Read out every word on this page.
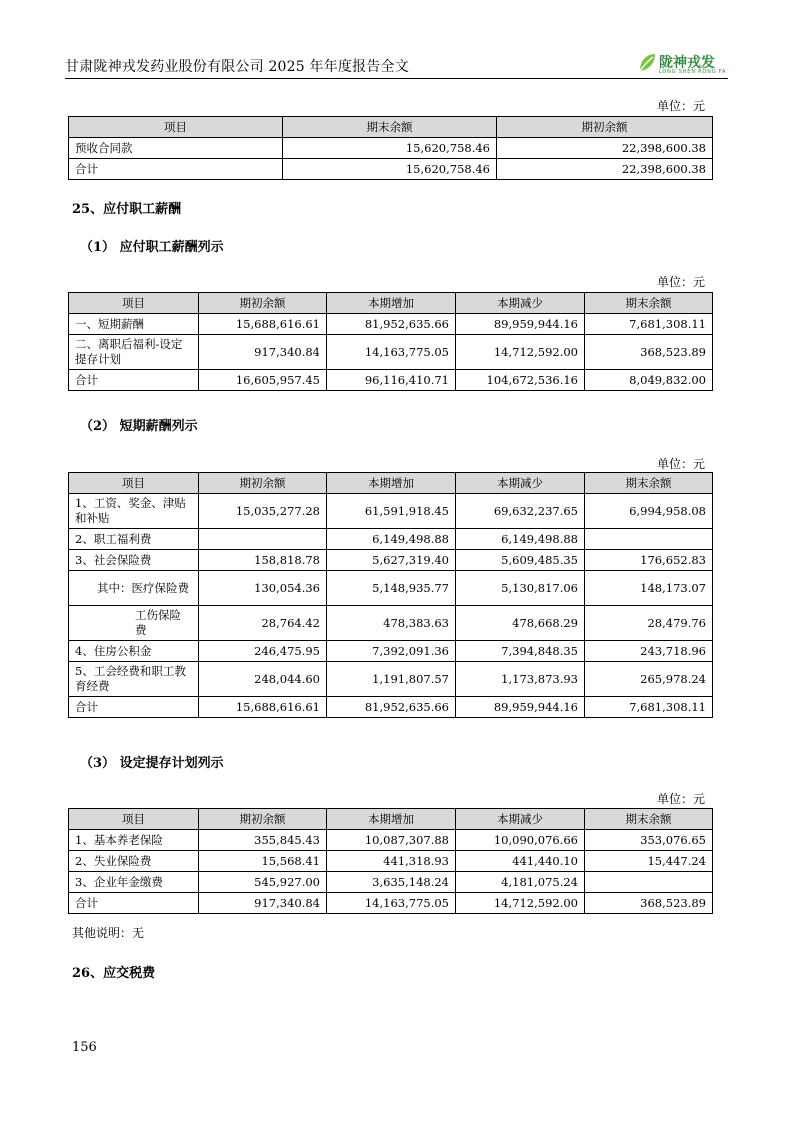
甘肃陇神戎发药业股份有限公司 2025 年年度报告全文	陇神戎发
LONG SHEN RONG FA
单位：元
项目	期末余额	期初余额
预收合同款	15,620,758.46	22,398,600.38
合计	15,620,758.46	22,398,600.38
25、应付职工薪酬
（1） 应付职工薪酬列示
单位：元
项目	期初余额	本期增加	本期减少	期末余额
一、短期薪酬	15,688,616.61	81,952,635.66	89,959,944.16	7,681,308.11
二、离职后福利-设定提存计划	917,340.84	14,163,775.05	14,712,592.00	368,523.89
合计	16,605,957.45	96,116,410.71	104,672,536.16	8,049,832.00
（2） 短期薪酬列示
单位：元
项目	期初余额	本期增加	本期减少	期末余额
1、工资、奖金、津贴和补贴	15,035,277.28	61,591,918.45	69,632,237.65	6,994,958.08
2、职工福利费		6,149,498.88	6,149,498.88	
3、社会保险费	158,818.78	5,627,319.40	5,609,485.35	176,652.83
其中：医疗保险费	130,054.36	5,148,935.77	5,130,817.06	148,173.07
工伤保险费	28,764.42	478,383.63	478,668.29	28,479.76
4、住房公积金	246,475.95	7,392,091.36	7,394,848.35	243,718.96
5、工会经费和职工教育经费	248,044.60	1,191,807.57	1,173,873.93	265,978.24
合计	15,688,616.61	81,952,635.66	89,959,944.16	7,681,308.11
（3） 设定提存计划列示
单位：元
项目	期初余额	本期增加	本期减少	期末余额
1、基本养老保险	355,845.43	10,087,307.88	10,090,076.66	353,076.65
2、失业保险费	15,568.41	441,318.93	441,440.10	15,447.24
3、企业年金缴费	545,927.00	3,635,148.24	4,181,075.24	
合计	917,340.84	14,163,775.05	14,712,592.00	368,523.89
其他说明：无
26、应交税费
156
